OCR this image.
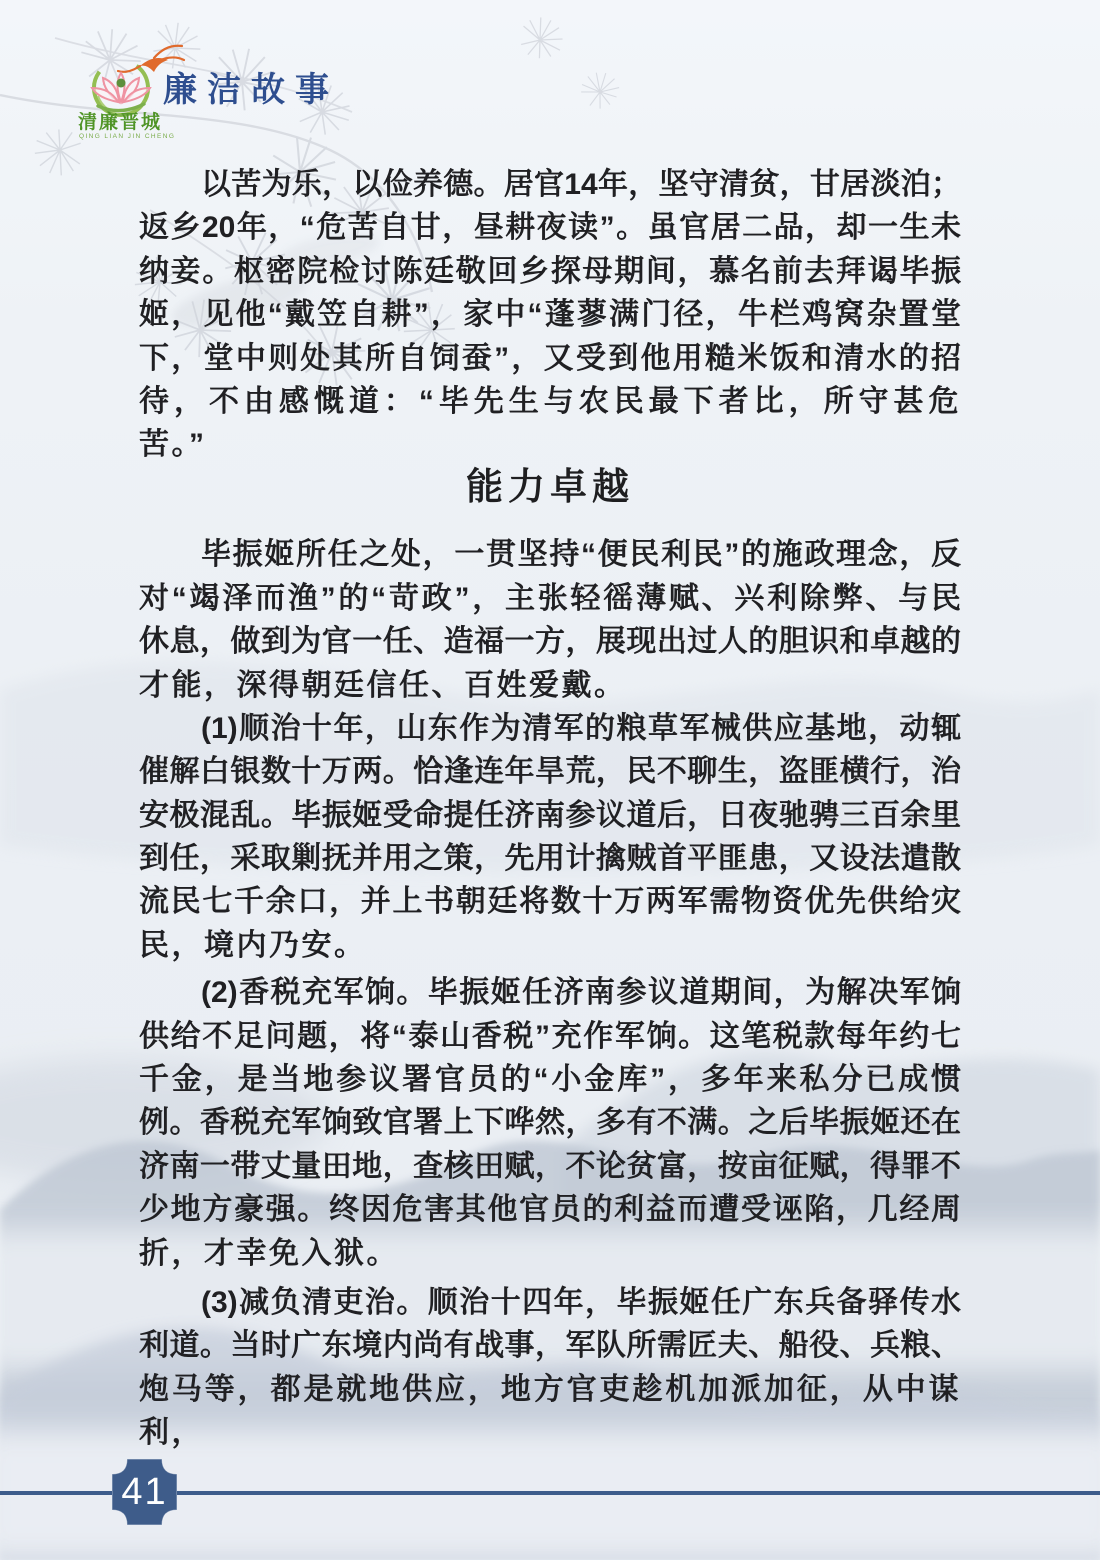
清廉晋城
QING LIAN JIN CHENG
廉洁故事
以苦为乐，以俭养德。居官14年，坚守清贫，甘居淡泊；
返乡20年，“危苦自甘，昼耕夜读”。虽官居二品，却一生未
纳妾。枢密院检讨陈廷敬回乡探母期间，慕名前去拜谒毕振
姬，见他“戴笠自耕”，家中“蓬蓼满门径，牛栏鸡窝杂置堂
下，堂中则处其所自饲蚕”，又受到他用糙米饭和清水的招
待，不由感慨道：“毕先生与农民最下者比，所守甚危苦。”
能力卓越
毕振姬所任之处，一贯坚持“便民利民”的施政理念，反
对“竭泽而渔”的“苛政”，主张轻徭薄赋、兴利除弊、与民
休息，做到为官一任、造福一方，展现出过人的胆识和卓越的
才能，深得朝廷信任、百姓爱戴。
(1)顺治十年，山东作为清军的粮草军械供应基地，动辄
催解白银数十万两。恰逢连年旱荒，民不聊生，盗匪横行，治
安极混乱。毕振姬受命提任济南参议道后，日夜驰骋三百余里
到任，采取剿抚并用之策，先用计擒贼首平匪患，又设法遣散
流民七千余口，并上书朝廷将数十万两军需物资优先供给灾
民，境内乃安。
(2)香税充军饷。毕振姬任济南参议道期间，为解决军饷
供给不足问题，将“泰山香税”充作军饷。这笔税款每年约七
千金，是当地参议署官员的“小金库”，多年来私分已成惯
例。香税充军饷致官署上下哗然，多有不满。之后毕振姬还在
济南一带丈量田地，查核田赋，不论贫富，按亩征赋，得罪不
少地方豪强。终因危害其他官员的利益而遭受诬陷，几经周
折，才幸免入狱。
(3)减负清吏治。顺治十四年，毕振姬任广东兵备驿传水
利道。当时广东境内尚有战事，军队所需匠夫、船役、兵粮、
炮马等，都是就地供应，地方官吏趁机加派加征，从中谋利，
41
